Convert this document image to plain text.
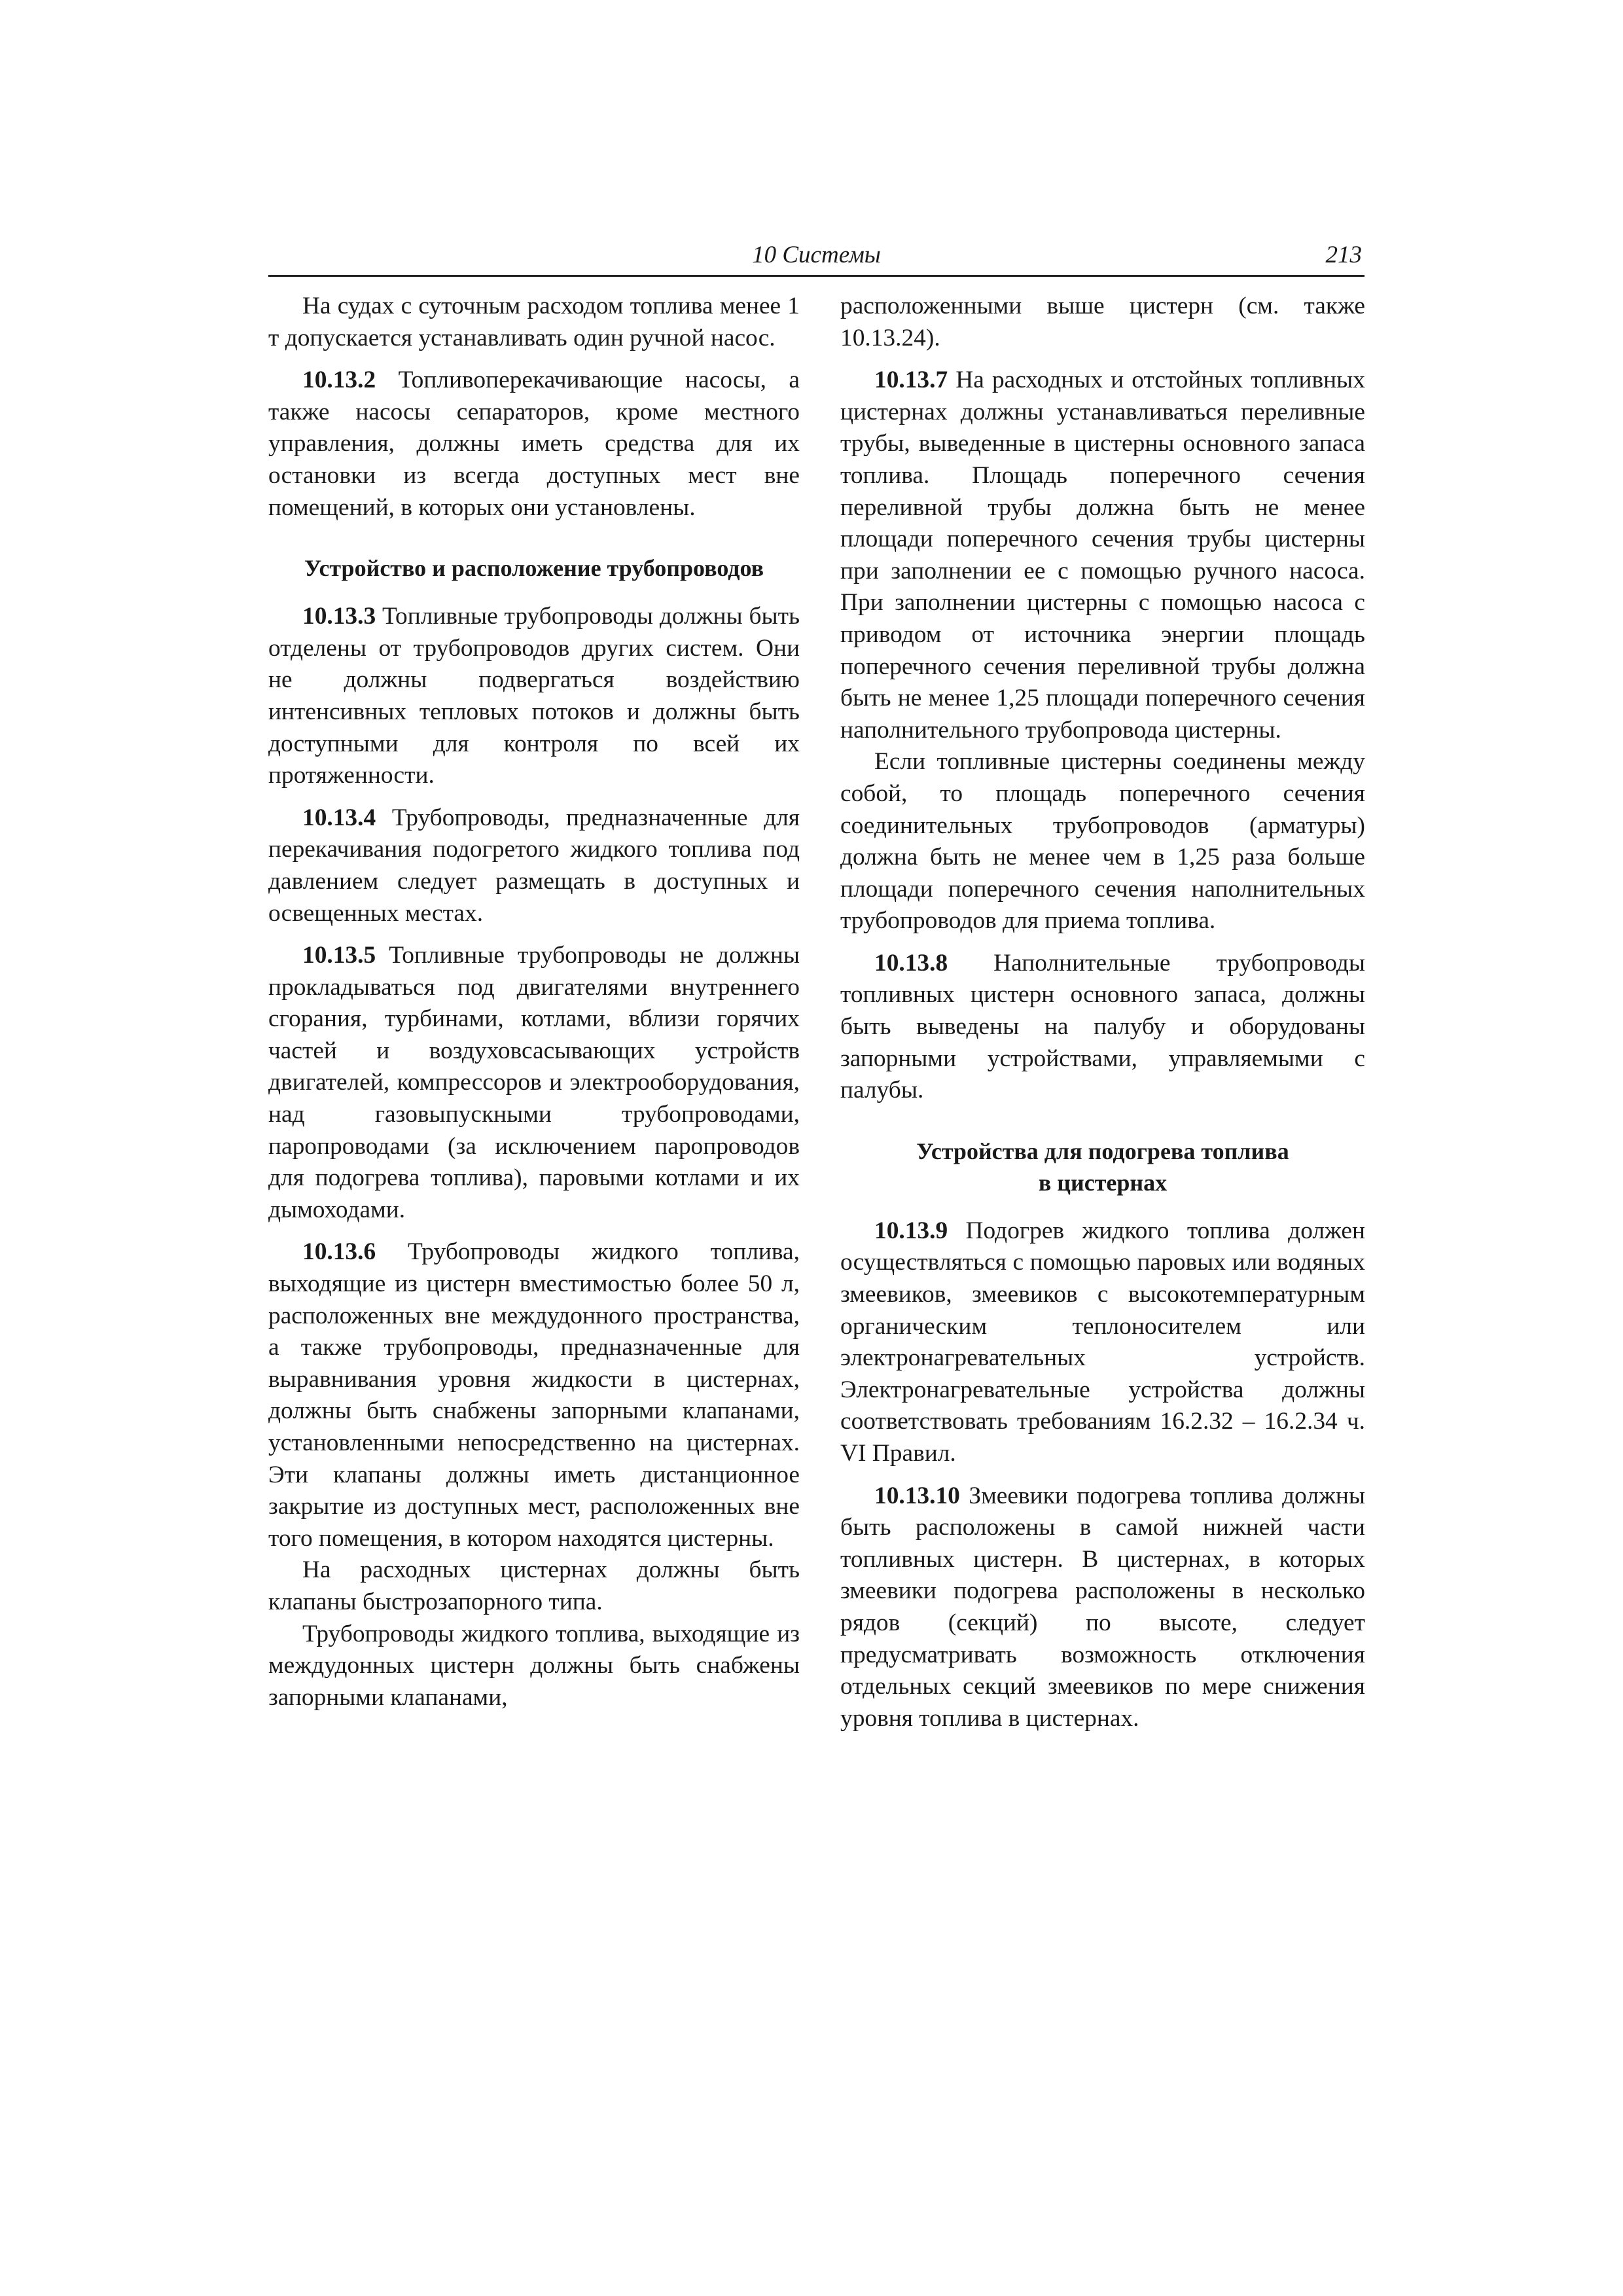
10 Системы	213

На судах с суточным расходом топлива менее 1 т допускается устанавливать один ручной насос.

10.13.2 Топливоперекачивающие насосы, а также насосы сепараторов, кроме местного управления, должны иметь средства для их остановки из всегда доступных мест вне помещений, в которых они установлены.

Устройство и расположение трубопроводов

10.13.3 Топливные трубопроводы должны быть отделены от трубопроводов других систем. Они не должны подвергаться воздействию интенсивных тепловых потоков и должны быть доступными для контроля по всей их протяженности.

10.13.4 Трубопроводы, предназначенные для перекачивания подогретого жидкого топлива под давлением следует размещать в доступных и освещенных местах.

10.13.5 Топливные трубопроводы не должны прокладываться под двигателями внутреннего сгорания, турбинами, котлами, вблизи горячих частей и воздуховсасывающих устройств двигателей, компрессоров и электрооборудования, над газовыпускными трубопроводами, паропроводами (за исключением паропроводов для подогрева топлива), паровыми котлами и их дымоходами.

10.13.6 Трубопроводы жидкого топлива, выходящие из цистерн вместимостью более 50 л, расположенных вне междудонного пространства, а также трубопроводы, предназначенные для выравнивания уровня жидкости в цистернах, должны быть снабжены запорными клапанами, установленными непосредственно на цистернах. Эти клапаны должны иметь дистанционное закрытие из доступных мест, расположенных вне того помещения, в котором находятся цистерны.

На расходных цистернах должны быть клапаны быстрозапорного типа.

Трубопроводы жидкого топлива, выходящие из междудонных цистерн должны быть снабжены запорными клапанами,

расположенными выше цистерн (см. также 10.13.24).

10.13.7 На расходных и отстойных топливных цистернах должны устанавливаться переливные трубы, выведенные в цистерны основного запаса топлива. Площадь поперечного сечения переливной трубы должна быть не менее площади поперечного сечения трубы цистерны при заполнении ее с помощью ручного насоса. При заполнении цистерны с помощью насоса с приводом от источника энергии площадь поперечного сечения переливной трубы должна быть не менее 1,25 площади поперечного сечения наполнительного трубопровода цистерны.

Если топливные цистерны соединены между собой, то площадь поперечного сечения соединительных трубопроводов (арматуры) должна быть не менее чем в 1,25 раза больше площади поперечного сечения наполнительных трубопроводов для приема топлива.

10.13.8 Наполнительные трубопроводы топливных цистерн основного запаса, должны быть выведены на палубу и оборудованы запорными устройствами, управляемыми с палубы.

Устройства для подогрева топлива
в цистернах

10.13.9 Подогрев жидкого топлива должен осуществляться с помощью паровых или водяных змеевиков, змеевиков с высокотемпературным органическим теплоносителем или электронагревательных устройств. Электронагревательные устройства должны соответствовать требованиям 16.2.32 – 16.2.34 ч. VI Правил.

10.13.10 Змеевики подогрева топлива должны быть расположены в самой нижней части топливных цистерн. В цистернах, в которых змеевики подогрева расположены в несколько рядов (секций) по высоте, следует предусматривать возможность отключения отдельных секций змеевиков по мере снижения уровня топлива в цистернах.
